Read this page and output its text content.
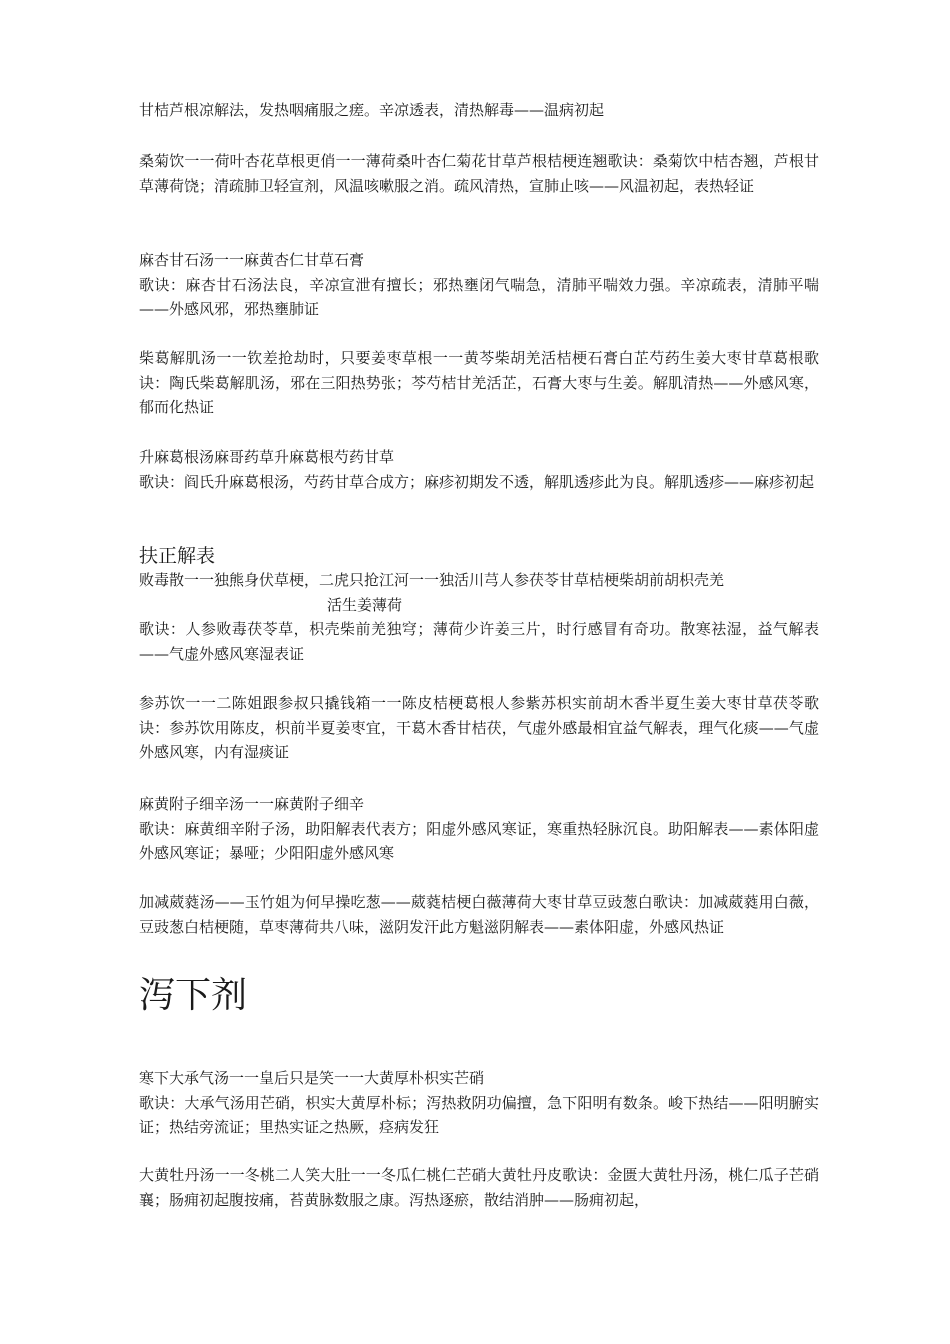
甘桔芦根凉解法，发热咽痛服之瘥。辛凉透表，清热解毒——温病初起

桑菊饮一一荷叶杏花草根更俏一一薄荷桑叶杏仁菊花甘草芦根桔梗连翘歌诀：桑菊饮中桔杏翘，芦根甘草薄荷饶；清疏肺卫轻宣剂，风温咳嗽服之消。疏风清热，宣肺止咳——风温初起，表热轻证

麻杏甘石汤一一麻黄杏仁甘草石膏

歌诀：麻杏甘石汤法良，辛凉宣泄有擅长；邪热壅闭气喘急，清肺平喘效力强。辛凉疏表，清肺平喘——外感风邪，邪热壅肺证

柴葛解肌汤一一钦差抢劫时，只要姜枣草根一一黄芩柴胡羌活桔梗石膏白芷芍药生姜大枣甘草葛根歌诀：陶氏柴葛解肌汤，邪在三阳热势张；芩芍桔甘羌活芷，石膏大枣与生姜。解肌清热——外感风寒，郁而化热证

升麻葛根汤麻哥药草升麻葛根芍药甘草

歌诀：阎氏升麻葛根汤，芍药甘草合成方；麻疹初期发不透，解肌透疹此为良。解肌透疹——麻疹初起

扶正解表

败毒散一一独熊身伏草梗，二虎只抢江河一一独活川芎人参茯苓甘草桔梗柴胡前胡枳壳羌

活生姜薄荷

歌诀：人参败毒茯苓草，枳壳柴前羌独穹；薄荷少许姜三片，时行感冒有奇功。散寒祛湿，益气解表——气虚外感风寒湿表证

参苏饮一一二陈姐跟参叔只撬钱箱一一陈皮桔梗葛根人参紫苏枳实前胡木香半夏生姜大枣甘草茯苓歌诀：参苏饮用陈皮，枳前半夏姜枣宜，干葛木香甘桔茯，气虚外感最相宜益气解表，理气化痰——气虚外感风寒，内有湿痰证

麻黄附子细辛汤一一麻黄附子细辛

歌诀：麻黄细辛附子汤，助阳解表代表方；阳虚外感风寒证，寒重热轻脉沉良。助阳解表——素体阳虚外感风寒证；暴哑；少阳阳虚外感风寒

加减葳蕤汤——玉竹姐为何早操吃葱——葳蕤桔梗白薇薄荷大枣甘草豆豉葱白歌诀：加减葳蕤用白薇，豆豉葱白桔梗随，草枣薄荷共八味，滋阴发汗此方魁滋阴解表——素体阳虚，外感风热证

泻下剂

寒下大承气汤一一皇后只是笑一一大黄厚朴枳实芒硝

歌诀：大承气汤用芒硝，枳实大黄厚朴标；泻热救阴功偏擅，急下阳明有数条。峻下热结——阳明腑实证；热结旁流证；里热实证之热厥，痉病发狂

大黄牡丹汤一一冬桃二人笑大肚一一冬瓜仁桃仁芒硝大黄牡丹皮歌诀：金匮大黄牡丹汤，桃仁瓜子芒硝襄；肠痈初起腹按痛，苔黄脉数服之康。泻热逐瘀，散结消肿——肠痈初起，
